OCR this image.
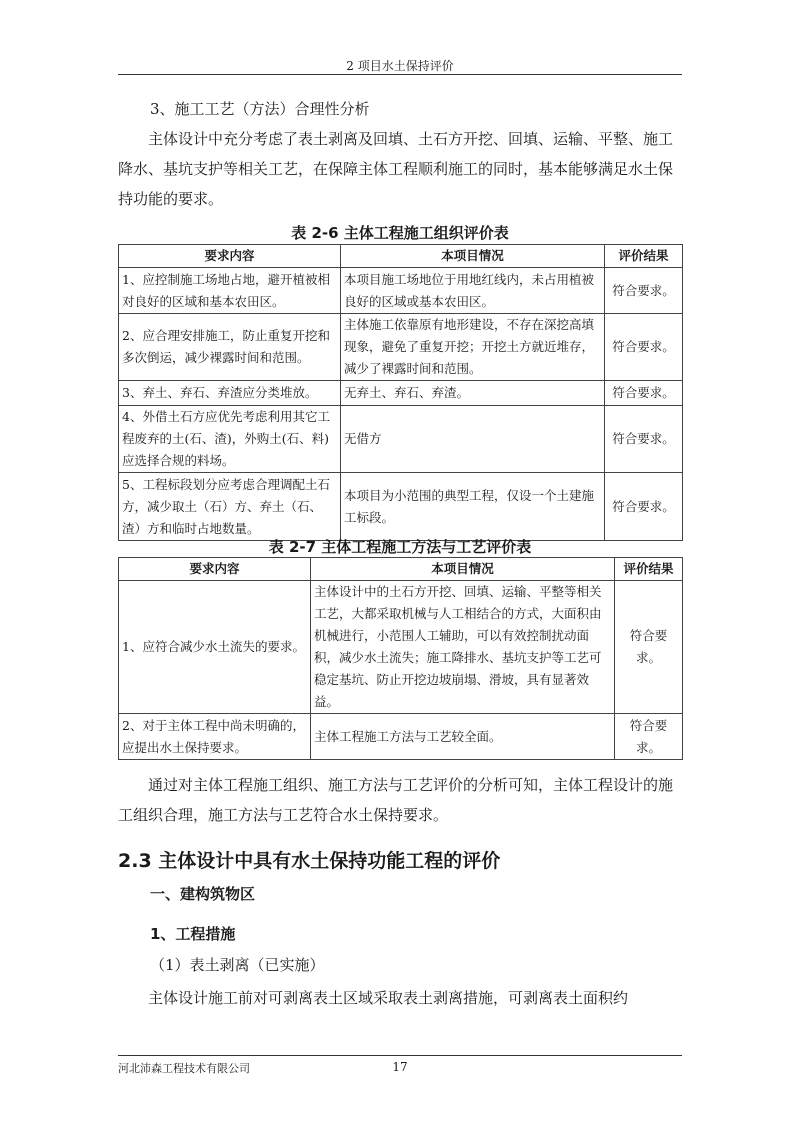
2 项目水土保持评价
3、施工工艺（方法）合理性分析
主体设计中充分考虑了表土剥离及回填、土石方开挖、回填、运输、平整、施工降水、基坑支护等相关工艺，在保障主体工程顺利施工的同时，基本能够满足水土保持功能的要求。
表 2-6 主体工程施工组织评价表
要求内容	本项目情况	评价结果
1、应控制施工场地占地，避开植被相对良好的区域和基本农田区。	本项目施工场地位于用地红线内，未占用植被良好的区域或基本农田区。	符合要求。
2、应合理安排施工，防止重复开挖和多次倒运，减少裸露时间和范围。	主体施工依靠原有地形建设，不存在深挖高填现象，避免了重复开挖；开挖土方就近堆存，减少了裸露时间和范围。	符合要求。
3、弃土、弃石、弃渣应分类堆放。	无弃土、弃石、弃渣。	符合要求。
4、外借土石方应优先考虑利用其它工程废弃的土(石、渣)，外购土(石、料)应选择合规的料场。	无借方	符合要求。
5、工程标段划分应考虑合理调配土石方，减少取土（石）方、弃土（石、渣）方和临时占地数量。	本项目为小范围的典型工程，仅设一个土建施工标段。	符合要求。
表 2-7 主体工程施工方法与工艺评价表
要求内容	本项目情况	评价结果
1、应符合减少水土流失的要求。	主体设计中的土石方开挖、回填、运输、平整等相关工艺，大都采取机械与人工相结合的方式，大面积由机械进行，小范围人工辅助，可以有效控制扰动面积，减少水土流失；施工降排水、基坑支护等工艺可稳定基坑、防止开挖边坡崩塌、滑坡，具有显著效益。	符合要求。
2、对于主体工程中尚未明确的，应提出水土保持要求。	主体工程施工方法与工艺较全面。	符合要求。
通过对主体工程施工组织、施工方法与工艺评价的分析可知，主体工程设计的施工组织合理，施工方法与工艺符合水土保持要求。
2.3 主体设计中具有水土保持功能工程的评价
一、建构筑物区
1、工程措施
（1）表土剥离（已实施）
主体设计施工前对可剥离表土区域采取表土剥离措施，可剥离表土面积约
河北沛森工程技术有限公司	17
